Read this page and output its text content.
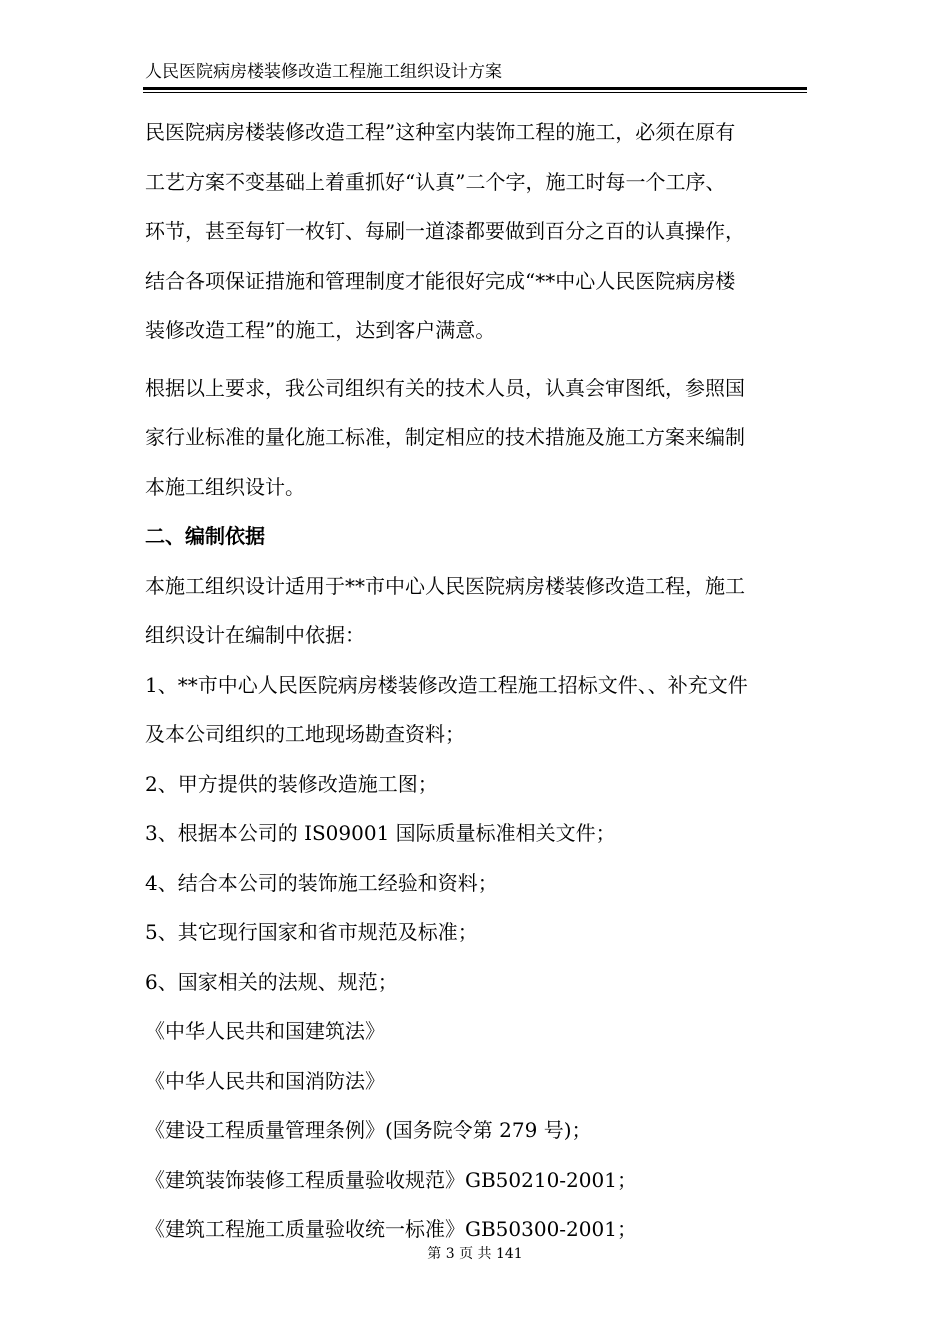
人民医院病房楼装修改造工程施工组织设计方案
民医院病房楼装修改造工程”这种室内装饰工程的施工，必须在原有
工艺方案不变基础上着重抓好“认真”二个字，施工时每一个工序、
环节，甚至每钉一枚钉、每刷一道漆都要做到百分之百的认真操作，
结合各项保证措施和管理制度才能很好完成“**中心人民医院病房楼
装修改造工程”的施工，达到客户满意。
根据以上要求，我公司组织有关的技术人员，认真会审图纸，参照国
家行业标准的量化施工标准，制定相应的技术措施及施工方案来编制
本施工组织设计。
二、编制依据
本施工组织设计适用于**市中心人民医院病房楼装修改造工程，施工
组织设计在编制中依据：
1、**市中心人民医院病房楼装修改造工程施工招标文件、、补充文件
及本公司组织的工地现场勘查资料；
2、甲方提供的装修改造施工图；
3、根据本公司的 IS09001 国际质量标准相关文件；
4、结合本公司的装饰施工经验和资料；
5、其它现行国家和省市规范及标准；
6、国家相关的法规、规范；
《中华人民共和国建筑法》
《中华人民共和国消防法》
《建设工程质量管理条例》(国务院令第 279 号)；
《建筑装饰装修工程质量验收规范》GB50210-2001；
《建筑工程施工质量验收统一标准》GB50300-2001；
第 3 页 共 141
